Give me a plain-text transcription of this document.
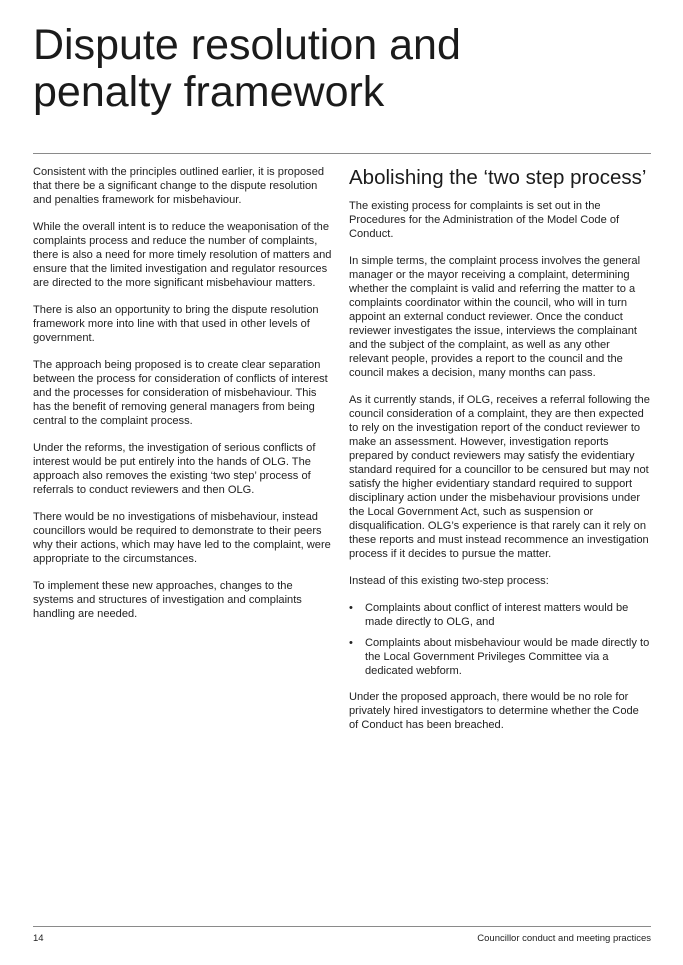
Dispute resolution and
penalty framework

Consistent with the principles outlined earlier, it is proposed that there be a significant change to the dispute resolution and penalties framework for misbehaviour.

While the overall intent is to reduce the weaponisation of the complaints process and reduce the number of complaints, there is also a need for more timely resolution of matters and ensure that the limited investigation and regulator resources are directed to the more significant misbehaviour matters.

There is also an opportunity to bring the dispute resolution framework more into line with that used in other levels of government.

The approach being proposed is to create clear separation between the process for consideration of conflicts of interest and the processes for consideration of misbehaviour. This has the benefit of removing general managers from being central to the complaint process.

Under the reforms, the investigation of serious conflicts of interest would be put entirely into the hands of OLG. The approach also removes the existing ‘two step’ process of referrals to conduct reviewers and then OLG.

There would be no investigations of misbehaviour, instead councillors would be required to demonstrate to their peers why their actions, which may have led to the complaint, were appropriate to the circumstances.

To implement these new approaches, changes to the systems and structures of investigation and complaints handling are needed.

Abolishing the ‘two step process’

The existing process for complaints is set out in the Procedures for the Administration of the Model Code of Conduct.

In simple terms, the complaint process involves the general manager or the mayor receiving a complaint, determining whether the complaint is valid and referring the matter to a complaints coordinator within the council, who will in turn appoint an external conduct reviewer. Once the conduct reviewer investigates the issue, interviews the complainant and the subject of the complaint, as well as any other relevant people, provides a report to the council and the council makes a decision, many months can pass.

As it currently stands, if OLG, receives a referral following the council consideration of a complaint, they are then expected to rely on the investigation report of the conduct reviewer to make an assessment. However, investigation reports prepared by conduct reviewers may satisfy the evidentiary standard required for a councillor to be censured but may not satisfy the higher evidentiary standard required to support disciplinary action under the misbehaviour provisions under the Local Government Act, such as suspension or disqualification. OLG’s experience is that rarely can it rely on these reports and must instead recommence an investigation process if it decides to pursue the matter.

Instead of this existing two-step process:

• Complaints about conflict of interest matters would be made directly to OLG, and
• Complaints about misbehaviour would be made directly to the Local Government Privileges Committee via a dedicated webform.

Under the proposed approach, there would be no role for privately hired investigators to determine whether the Code of Conduct has been breached.

14	Councillor conduct and meeting practices
